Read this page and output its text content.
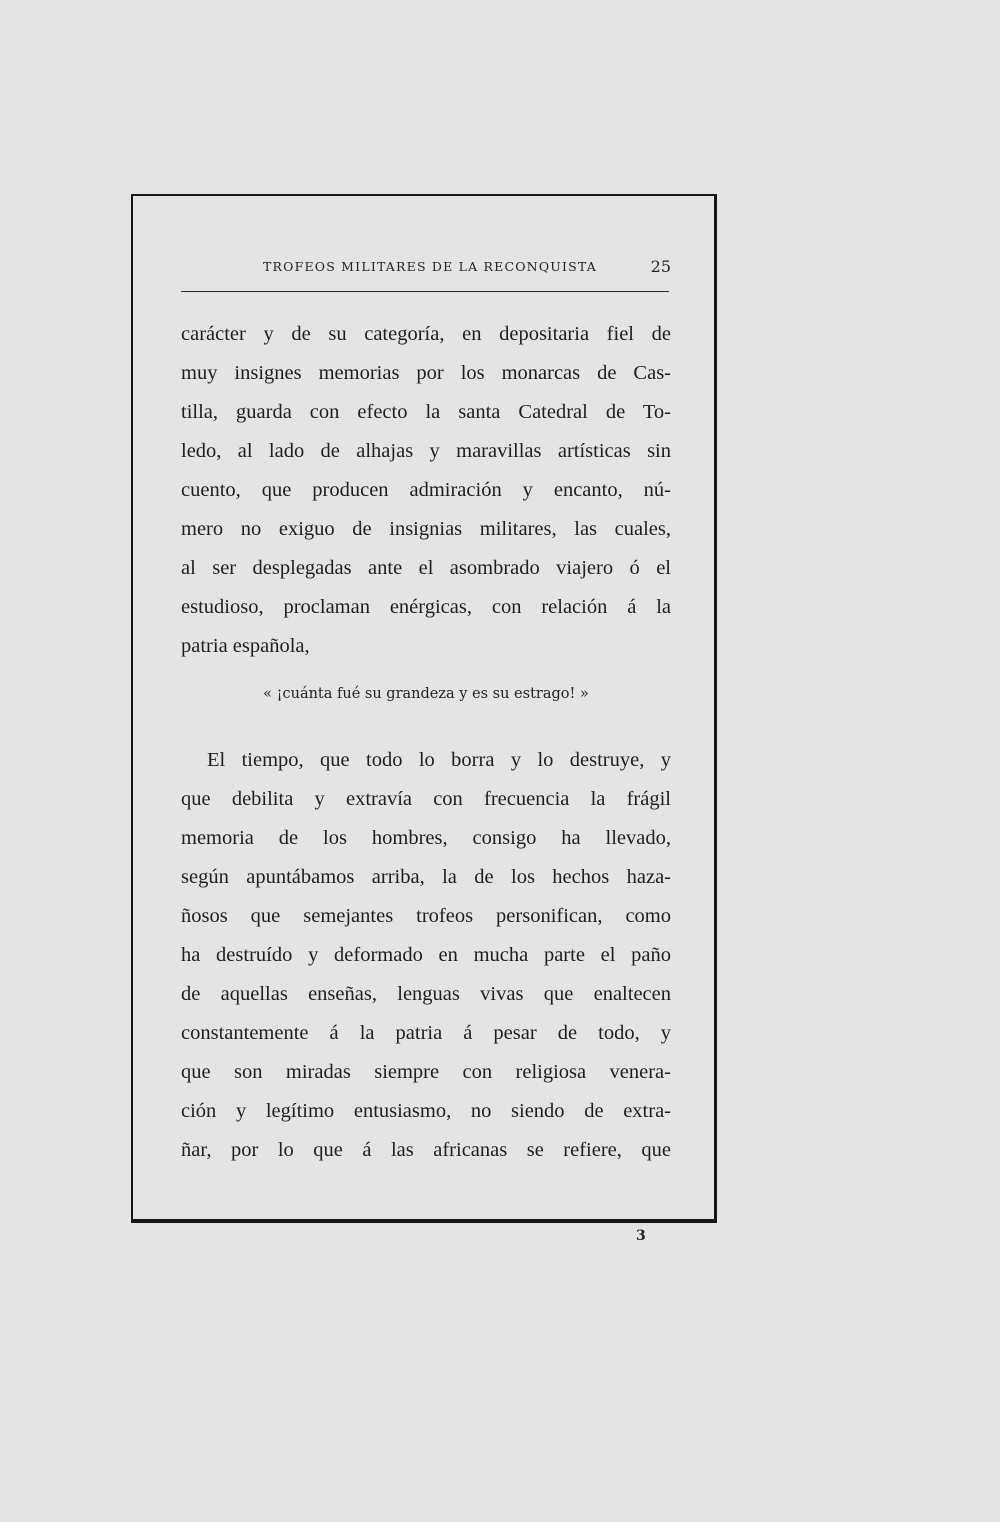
TROFEOS MILITARES DE LA RECONQUISTA	25
carácter y de su categoría, en depositaria fiel de
muy insignes memorias por los monarcas de Cas-
tilla, guarda con efecto la santa Catedral de To-
ledo, al lado de alhajas y maravillas artísticas sin
cuento, que producen admiración y encanto, nú-
mero no exiguo de insignias militares, las cuales,
al ser desplegadas ante el asombrado viajero ó el
estudioso, proclaman enérgicas, con relación á la
patria española,
« ¡cuánta fué su grandeza y es su estrago! »
El tiempo, que todo lo borra y lo destruye, y
que debilita y extravía con frecuencia la frágil
memoria de los hombres, consigo ha llevado,
según apuntábamos arriba, la de los hechos haza-
ñosos que semejantes trofeos personifican, como
ha destruído y deformado en mucha parte el paño
de aquellas enseñas, lenguas vivas que enaltecen
constantemente á la patria á pesar de todo, y
que son miradas siempre con religiosa venera-
ción y legítimo entusiasmo, no siendo de extra-
ñar, por lo que á las africanas se refiere, que
3
